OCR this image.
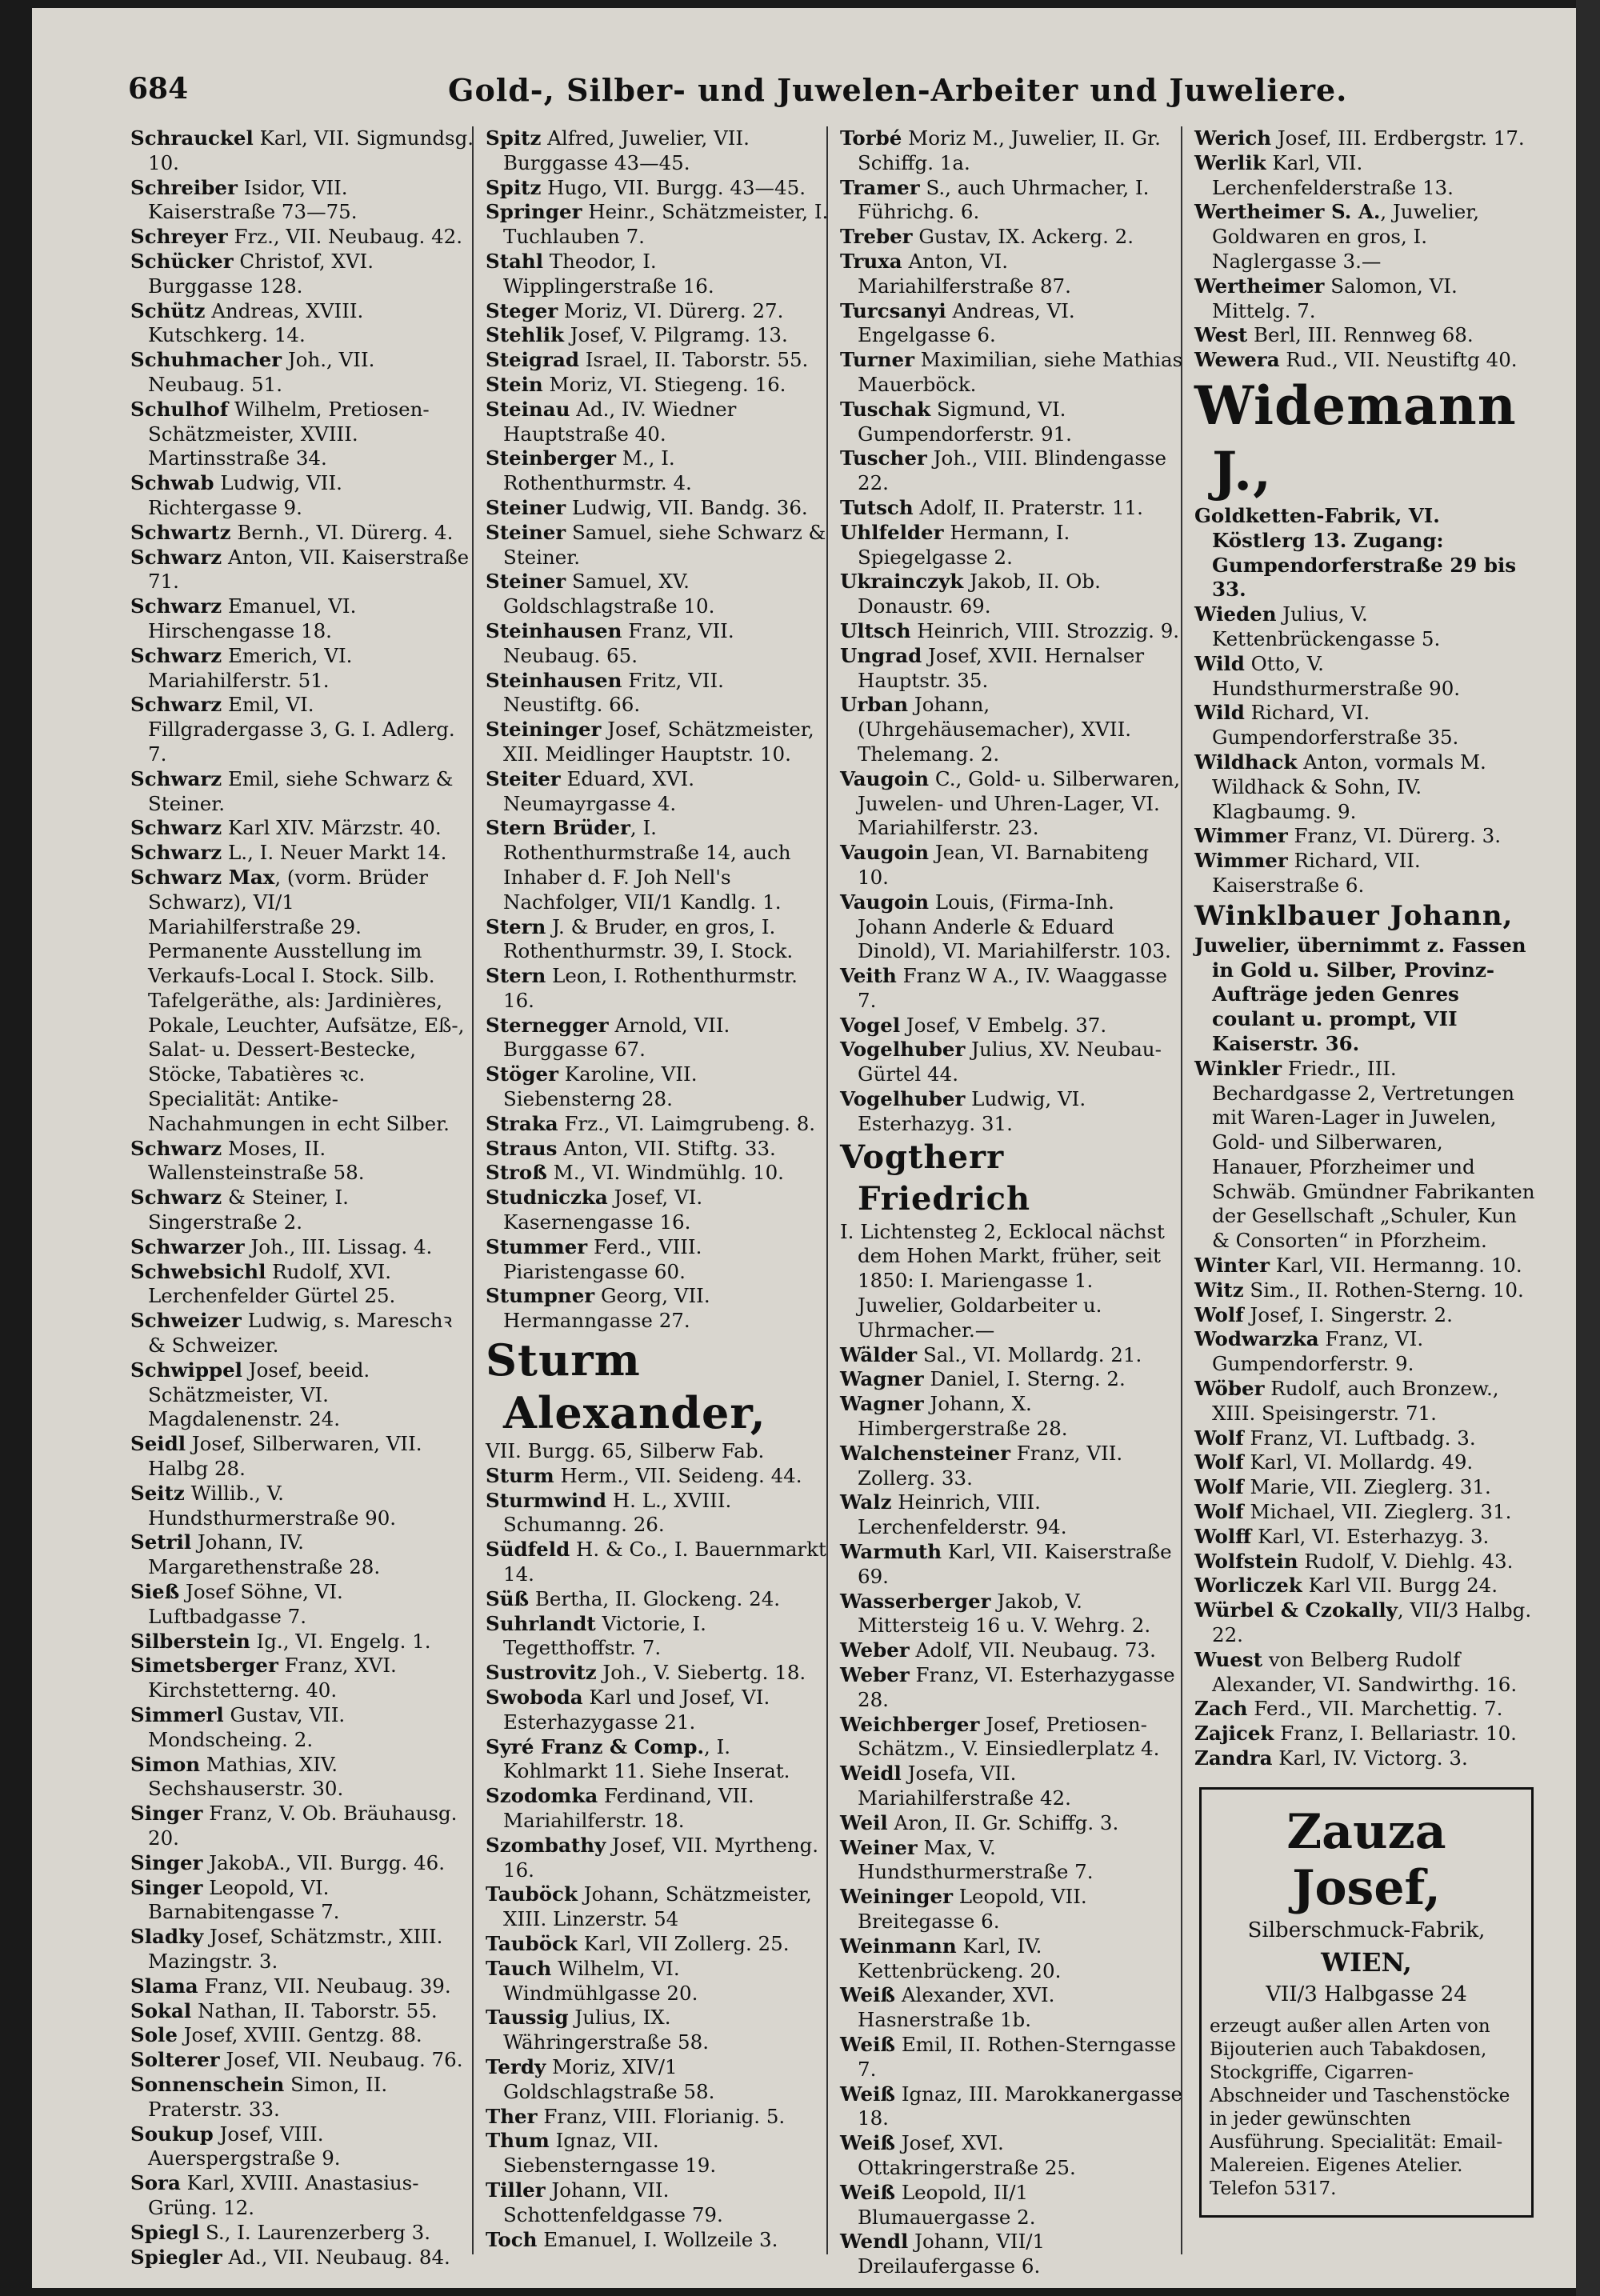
684	Gold-, Silber- und Juwelen-Arbeiter und Juweliere.
Schrauckel Karl, VII. Sigmundsg. 10.
Schreiber Isidor, VII. Kaiserstraße 73—75.
Schreyer Frz., VII. Neubaug. 42.
Schücker Christof, XVI. Burggasse 128.
Schütz Andreas, XVIII. Kutschkerg. 14.
Schuhmacher Joh., VII. Neubaug. 51.
Schulhof Wilhelm, Pretiosen-Schätzmeister, XVIII. Martinsstraße 34.
Schwab Ludwig, VII. Richtergasse 9.
Schwartz Bernh., VI. Dürerg. 4.
Schwarz Anton, VII. Kaiserstraße 71.
Schwarz Emanuel, VI. Hirschengasse 18.
Schwarz Emerich, VI. Mariahilferstr. 51.
Schwarz Emil, VI. Fillgradergasse 3, G. I. Adlerg. 7.
Schwarz Emil, siehe Schwarz & Steiner.
Schwarz Karl XIV. Märzstr. 40.
Schwarz L., I. Neuer Markt 14.
Schwarz Max, (vorm. Brüder Schwarz), VI/1 Mariahilferstraße 29. Permanente Ausstellung im Verkaufs-Local I. Stock. Silb. Tafelgeräthe, als: Jardinières, Pokale, Leuchter, Aufsätze, Eß-, Salat- u. Dessert-Bestecke, Stöcke, Tabatières ꝛc. Specialität: Antike-Nachahmungen in echt Silber.
Schwarz Moses, II. Wallensteinstraße 58.
Schwarz & Steiner, I. Singerstraße 2.
Schwarzer Joh., III. Lissag. 4.
Schwebsichl Rudolf, XVI. Lerchenfelder Gürtel 25.
Schweizer Ludwig, s. Mareschꝛ & Schweizer.
Schwippel Josef, beeid. Schätzmeister, VI. Magdalenenstr. 24.
Seidl Josef, Silberwaren, VII. Halbg 28.
Seitz Willib., V. Hundsthurmerstraße 90.
Setril Johann, IV. Margarethenstraße 28.
Sieß Josef Söhne, VI. Luftbadgasse 7.
Silberstein Ig., VI. Engelg. 1.
Simetsberger Franz, XVI. Kirchstetterng. 40.
Simmerl Gustav, VII. Mondscheing. 2.
Simon Mathias, XIV. Sechshauserstr. 30.
Singer Franz, V. Ob. Bräuhausg. 20.
Singer JakobA., VII. Burgg. 46.
Singer Leopold, VI. Barnabitengasse 7.
Sladky Josef, Schätzmstr., XIII. Mazingstr. 3.
Slama Franz, VII. Neubaug. 39.
Sokal Nathan, II. Taborstr. 55.
Sole Josef, XVIII. Gentzg. 88.
Solterer Josef, VII. Neubaug. 76.
Sonnenschein Simon, II. Praterstr. 33.
Soukup Josef, VIII. Auerspergstraße 9.
Sora Karl, XVIII. Anastasius-Grüng. 12.
Spiegl S., I. Laurenzerberg 3.
Spiegler Ad., VII. Neubaug. 84.
Spitz Alfred, Juwelier, VII. Burggasse 43—45.
Spitz Hugo, VII. Burgg. 43—45.
Springer Heinr., Schätzmeister, I. Tuchlauben 7.
Stahl Theodor, I. Wipplingerstraße 16.
Steger Moriz, VI. Dürerg. 27.
Stehlik Josef, V. Pilgramg. 13.
Steigrad Israel, II. Taborstr. 55.
Stein Moriz, VI. Stiegeng. 16.
Steinau Ad., IV. Wiedner Hauptstraße 40.
Steinberger M., I. Rothenthurmstr. 4.
Steiner Ludwig, VII. Bandg. 36.
Steiner Samuel, siehe Schwarz & Steiner.
Steiner Samuel, XV. Goldschlagstraße 10.
Steinhausen Franz, VII. Neubaug. 65.
Steinhausen Fritz, VII. Neustiftg. 66.
Steininger Josef, Schätzmeister, XII. Meidlinger Hauptstr. 10.
Steiter Eduard, XVI. Neumayrgasse 4.
Stern Brüder, I. Rothenthurmstraße 14, auch Inhaber d. F. Joh Nell's Nachfolger, VII/1 Kandlg. 1.
Stern J. & Bruder, en gros, I. Rothenthurmstr. 39, I. Stock.
Stern Leon, I. Rothenthurmstr. 16.
Sternegger Arnold, VII. Burggasse 67.
Stöger Karoline, VII. Siebensterng 28.
Straka Frz., VI. Laimgrubeng. 8.
Straus Anton, VII. Stiftg. 33.
Stroß M., VI. Windmühlg. 10.
Studniczka Josef, VI. Kasernengasse 16.
Stummer Ferd., VIII. Piaristengasse 60.
Stumpner Georg, VII. Hermanngasse 27.
Sturm Alexander,
VII. Burgg. 65, Silberw Fab.
Sturm Herm., VII. Seideng. 44.
Sturmwind H. L., XVIII. Schumanng. 26.
Südfeld H. & Co., I. Bauernmarkt 14.
Süß Bertha, II. Glockeng. 24.
Suhrlandt Victorie, I. Tegetthoffstr. 7.
Sustrovitz Joh., V. Siebertg. 18.
Swoboda Karl und Josef, VI. Esterhazygasse 21.
Syré Franz & Comp., I. Kohlmarkt 11. Siehe Inserat.
Szodomka Ferdinand, VII. Mariahilferstr. 18.
Szombathy Josef, VII. Myrtheng. 16.
Tauböck Johann, Schätzmeister, XIII. Linzerstr. 54
Tauböck Karl, VII Zollerg. 25.
Tauch Wilhelm, VI. Windmühlgasse 20.
Taussig Julius, IX. Währingerstraße 58.
Terdy Moriz, XIV/1 Goldschlagstraße 58.
Ther Franz, VIII. Florianig. 5.
Thum Ignaz, VII. Siebensterngasse 19.
Tiller Johann, VII. Schottenfeldgasse 79.
Toch Emanuel, I. Wollzeile 3.
Torbé Moriz M., Juwelier, II. Gr. Schiffg. 1a.
Tramer S., auch Uhrmacher, I. Führichg. 6.
Treber Gustav, IX. Ackerg. 2.
Truxa Anton, VI. Mariahilferstraße 87.
Turcsanyi Andreas, VI. Engelgasse 6.
Turner Maximilian, siehe Mathias Mauerböck.
Tuschak Sigmund, VI. Gumpendorferstr. 91.
Tuscher Joh., VIII. Blindengasse 22.
Tutsch Adolf, II. Praterstr. 11.
Uhlfelder Hermann, I. Spiegelgasse 2.
Ukrainczyk Jakob, II. Ob. Donaustr. 69.
Ultsch Heinrich, VIII. Strozzig. 9.
Ungrad Josef, XVII. Hernalser Hauptstr. 35.
Urban Johann, (Uhrgehäusemacher), XVII. Thelemang. 2.
Vaugoin C., Gold- u. Silberwaren, Juwelen- und Uhren-Lager, VI. Mariahilferstr. 23.
Vaugoin Jean, VI. Barnabiteng 10.
Vaugoin Louis, (Firma-Inh. Johann Anderle & Eduard Dinold), VI. Mariahilferstr. 103.
Veith Franz W A., IV. Waaggasse 7.
Vogel Josef, V Embelg. 37.
Vogelhuber Julius, XV. Neubau-Gürtel 44.
Vogelhuber Ludwig, VI. Esterhazyg. 31.
Vogtherr Friedrich
I. Lichtensteg 2, Ecklocal nächst dem Hohen Markt, früher, seit 1850: I. Mariengasse 1. Juwelier, Goldarbeiter u. Uhrmacher.—
Wälder Sal., VI. Mollardg. 21.
Wagner Daniel, I. Sterng. 2.
Wagner Johann, X. Himbergerstraße 28.
Walchensteiner Franz, VII. Zollerg. 33.
Walz Heinrich, VIII. Lerchenfelderstr. 94.
Warmuth Karl, VII. Kaiserstraße 69.
Wasserberger Jakob, V. Mittersteig 16 u. V. Wehrg. 2.
Weber Adolf, VII. Neubaug. 73.
Weber Franz, VI. Esterhazygasse 28.
Weichberger Josef, Pretiosen-Schätzm., V. Einsiedlerplatz 4.
Weidl Josefa, VII. Mariahilferstraße 42.
Weil Aron, II. Gr. Schiffg. 3.
Weiner Max, V. Hundsthurmerstraße 7.
Weininger Leopold, VII. Breitegasse 6.
Weinmann Karl, IV. Kettenbrückeng. 20.
Weiß Alexander, XVI. Hasnerstraße 1b.
Weiß Emil, II. Rothen-Sterngasse 7.
Weiß Ignaz, III. Marokkanergasse 18.
Weiß Josef, XVI. Ottakringerstraße 25.
Weiß Leopold, II/1 Blumauergasse 2.
Wendl Johann, VII/1 Dreilaufergasse 6.
Werich Josef, III. Erdbergstr. 17.
Werlik Karl, VII. Lerchenfelderstraße 13.
Wertheimer S. A., Juwelier, Goldwaren en gros, I. Naglergasse 3.—
Wertheimer Salomon, VI. Mittelg. 7.
West Berl, III. Rennweg 68.
Wewera Rud., VII. Neustiftg 40.
Widemann J.,
Goldketten-Fabrik, VI. Köstlerg 13. Zugang: Gumpendorferstraße 29 bis 33.
Wieden Julius, V. Kettenbrückengasse 5.
Wild Otto, V. Hundsthurmerstraße 90.
Wild Richard, VI. Gumpendorferstraße 35.
Wildhack Anton, vormals M. Wildhack & Sohn, IV. Klagbaumg. 9.
Wimmer Franz, VI. Dürerg. 3.
Wimmer Richard, VII. Kaiserstraße 6.
Winklbauer Johann,
Juwelier, übernimmt z. Fassen in Gold u. Silber, Provinz-Aufträge jeden Genres coulant u. prompt, VII Kaiserstr. 36.
Winkler Friedr., III. Bechardgasse 2, Vertretungen mit Waren-Lager in Juwelen, Gold- und Silberwaren, Hanauer, Pforzheimer und Schwäb. Gmündner Fabrikanten der Gesellschaft „Schuler, Kun & Consorten“ in Pforzheim.
Winter Karl, VII. Hermanng. 10.
Witz Sim., II. Rothen-Sterng. 10.
Wolf Josef, I. Singerstr. 2.
Wodwarzka Franz, VI. Gumpendorferstr. 9.
Wöber Rudolf, auch Bronzew., XIII. Speisingerstr. 71.
Wolf Franz, VI. Luftbadg. 3.
Wolf Karl, VI. Mollardg. 49.
Wolf Marie, VII. Zieglerg. 31.
Wolf Michael, VII. Zieglerg. 31.
Wolff Karl, VI. Esterhazyg. 3.
Wolfstein Rudolf, V. Diehlg. 43.
Worliczek Karl VII. Burgg 24.
Würbel & Czokally, VII/3 Halbg. 22.
Wuest von Belberg Rudolf Alexander, VI. Sandwirthg. 16.
Zach Ferd., VII. Marchettig. 7.
Zajicek Franz, I. Bellariastr. 10.
Zandra Karl, IV. Victorg. 3.
Zauza Josef,
Silberschmuck-Fabrik,
WIEN,
VII/3 Halbgasse 24
erzeugt außer allen Arten von Bijouterien auch Tabakdosen, Stockgriffe, Cigarren-Abschneider und Taschenstöcke in jeder gewünschten Ausführung. Specialität: Email-Malereien. Eigenes Atelier. Telefon 5317.
